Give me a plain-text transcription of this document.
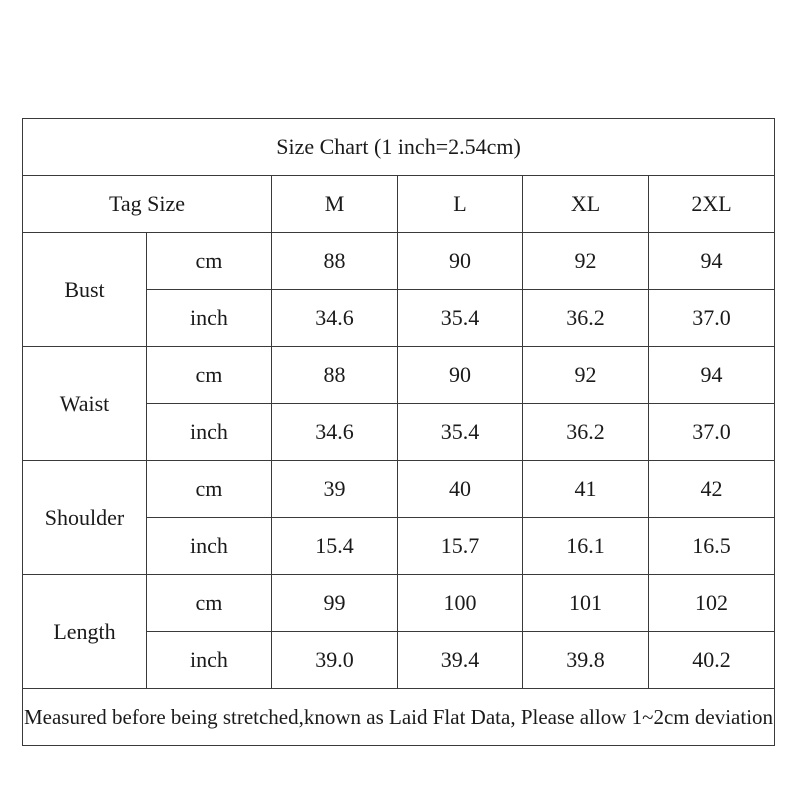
Size Chart (1 inch=2.54cm)					
Tag Size		M	L	XL	2XL
Bust	cm	88	90	92	94
	inch	34.6	35.4	36.2	37.0
Waist	cm	88	90	92	94
	inch	34.6	35.4	36.2	37.0
Shoulder	cm	39	40	41	42
	inch	15.4	15.7	16.1	16.5
Length	cm	99	100	101	102
	inch	39.0	39.4	39.8	40.2
Measured before being stretched,known as Laid Flat Data, Please allow 1~2cm deviation					
